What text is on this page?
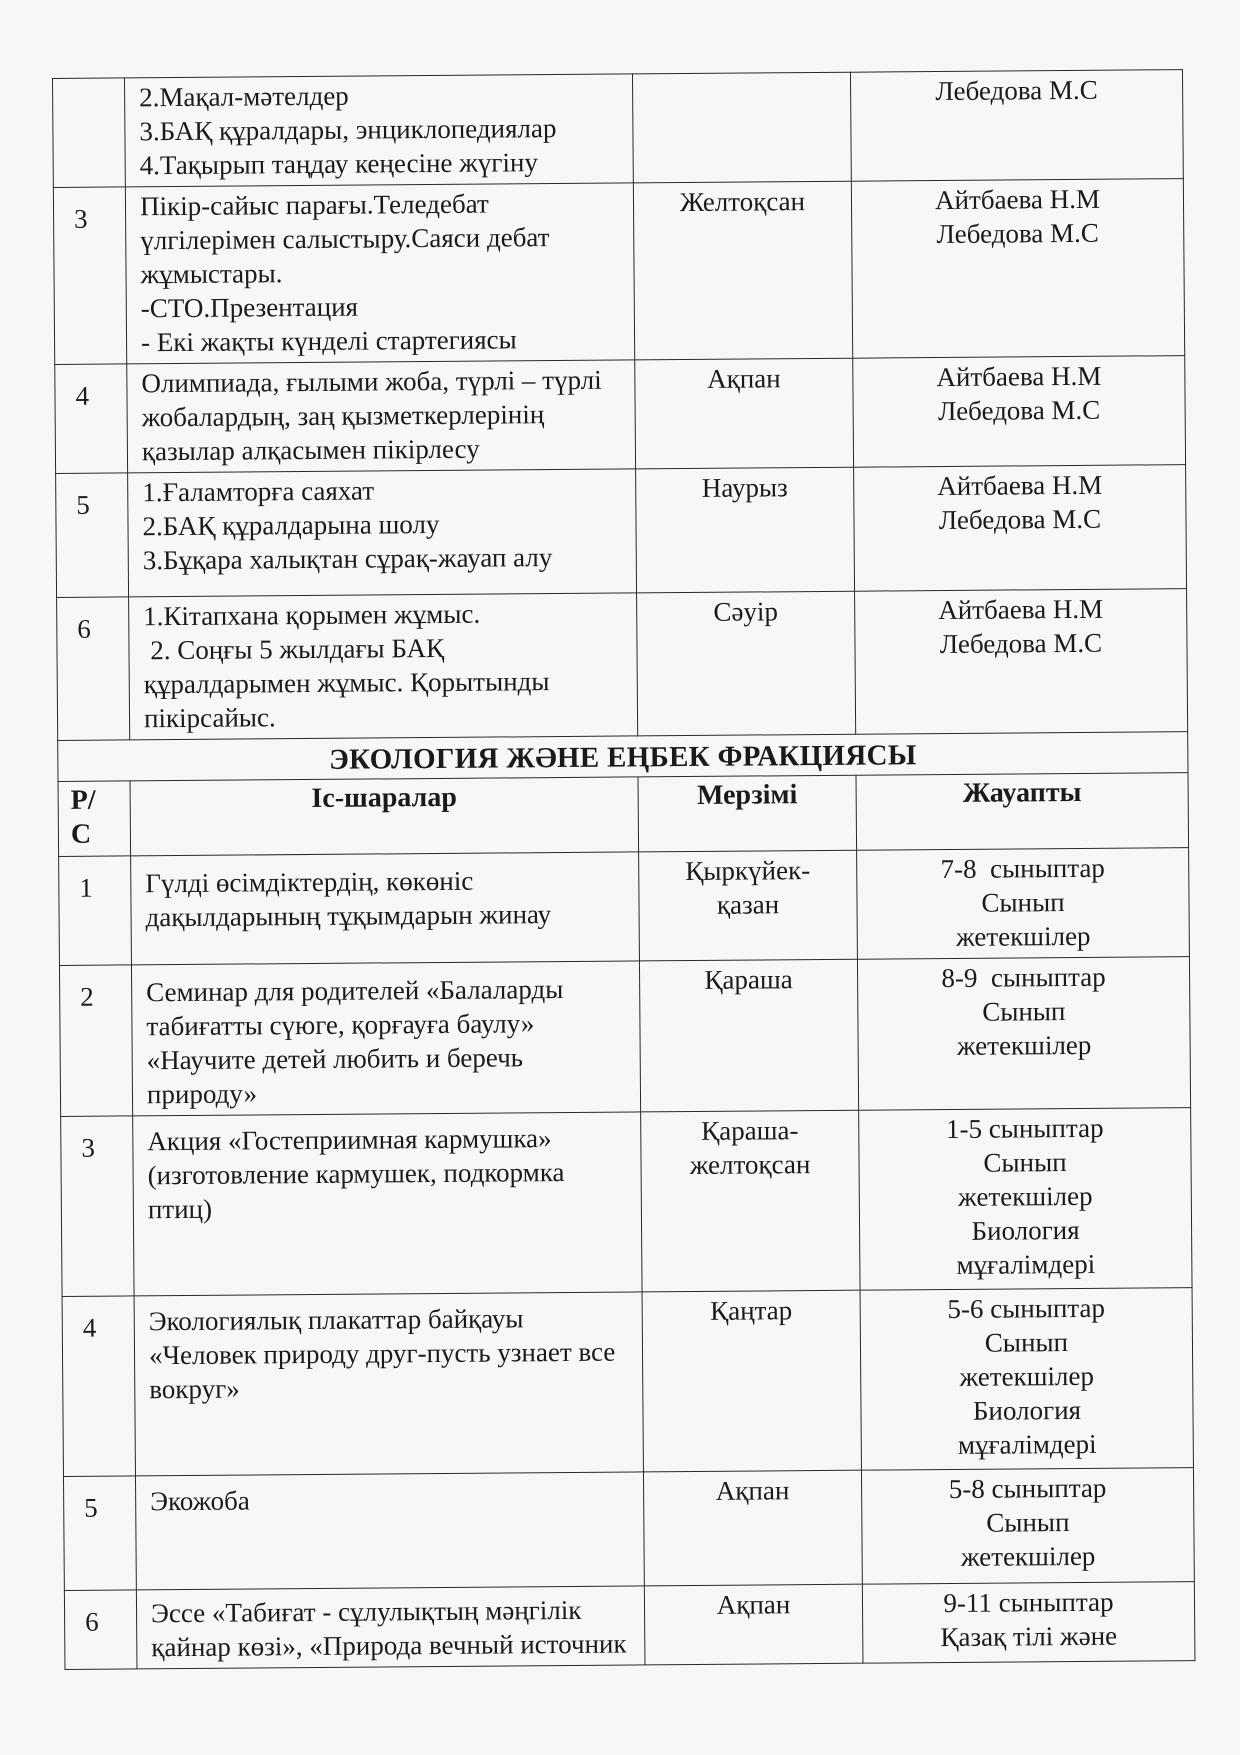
	2.Мақал-мәтелдер
3.БАҚ құралдары, энциклопедиялар
4.Тақырып таңдау кеңесіне жүгіну		Лебедова М.С

3	Пікір-сайыс парағы.Теледебат
үлгілерімен салыстыру.Саяси дебат
жұмыстары.
-СТО.Презентация
- Екі жақты күнделі стартегиясы	Желтоқсан	Айтбаева Н.М
Лебедова М.С

4	Олимпиада, ғылыми жоба, түрлі – түрлі
жобалардың, заң қызметкерлерінің
қазылар алқасымен пікірлесу	Ақпан	Айтбаева Н.М
Лебедова М.С

5	1.Ғаламторға саяхат
2.БАҚ құралдарына шолу
3.Бұқара халықтан сұрақ-жауап алу	Наурыз	Айтбаева Н.М
Лебедова М.С

6	1.Кітапхана қорымен жұмыс.
2. Соңғы 5 жылдағы БАҚ
құралдарымен жұмыс. Қорытынды
пікірсайыс.	Сәуір	Айтбаева Н.М
Лебедова М.С

ЭКОЛОГИЯ ЖӘНЕ ЕҢБЕК ФРАКЦИЯСЫ			
Р/С	Іс-шаралар	Мерзімі	Жауапты
1	Гүлді өсімдіктердің, көкөніс
дақылдарының тұқымдарын жинау	Қыркүйек-
қазан	7-8  сыныптар
Сынып
жетекшілер

2	Семинар для родителей «Балаларды
табиғатты сүюге, қорғауға баулу»
«Научите детей любить и беречь
природу»	Қараша	8-9  сыныптар
Сынып
жетекшілер

3	Акция «Гостеприимная кармушка»
(изготовление кармушек, подкормка
птиц)	Қараша-
желтоқсан	1-5 сыныптар
Сынып
жетекшілер
Биология
мұғалімдері

4	Экологиялық плакаттар байқауы
«Человек природу друг-пусть узнает все
вокруг»	Қаңтар	5-6 сыныптар
Сынып
жетекшілер
Биология
мұғалімдері

5	Экожоба	Ақпан	5-8 сыныптар
Сынып
жетекшілер

6	Эссе «Табиғат - сұлулықтың мәңгілік
қайнар көзі», «Природа вечный источник	Ақпан	9-11 сыныптар
Қазақ тілі және
